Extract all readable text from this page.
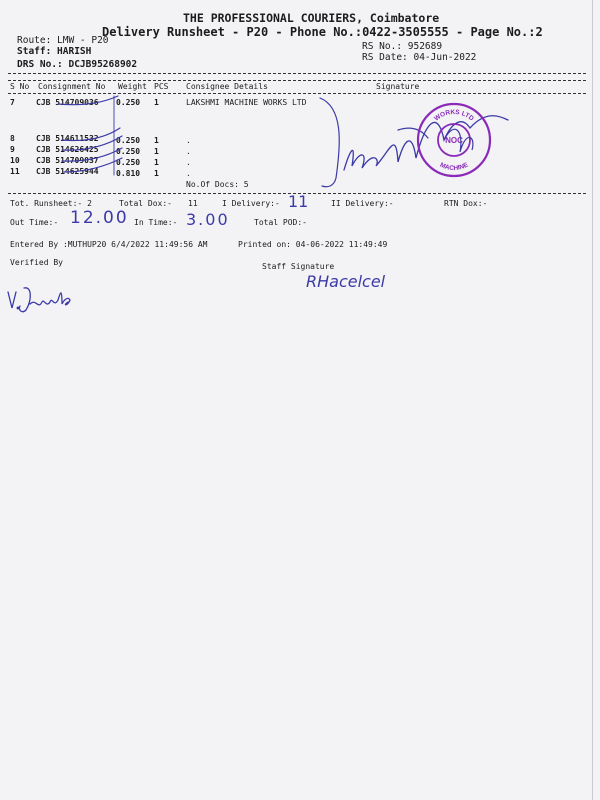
THE PROFESSIONAL COURIERS, Coimbatore
Delivery Runsheet - P20 - Phone No.:0422-3505555 - Page No.:2
Route: LMW - P20
Staff: HARISH
DRS No.: DCJB95268902
RS No.: 952689
RS Date: 04-Jun-2022
S No Consignment No Weight PCS Consignee Details	Signature
7	CJB 514709036 0.250 1	LAKSHMI MACHINE WORKS LTD
8	CJB 514611532 0.250 1	.
9	CJB 514626425 0.250 1	.
10 CJB 514709037 0.250 1	.
11 CJB 514625944 0.810 1	.
No.Of Docs: 5
Tot. Runsheet:- 2	Total Dox:- 11	I Delivery:- 11	II Delivery:-	RTN Dox:-
Out Time:- 12.00 In Time:- 3.00	Total POD:-
Entered By :MUTHUP20 6/4/2022 11:49:56 AM	Printed on: 04-06-2022 11:49:49
Verified By	Staff Signature
WORKS LTD
MACHINE
NOC
RHacelcel
